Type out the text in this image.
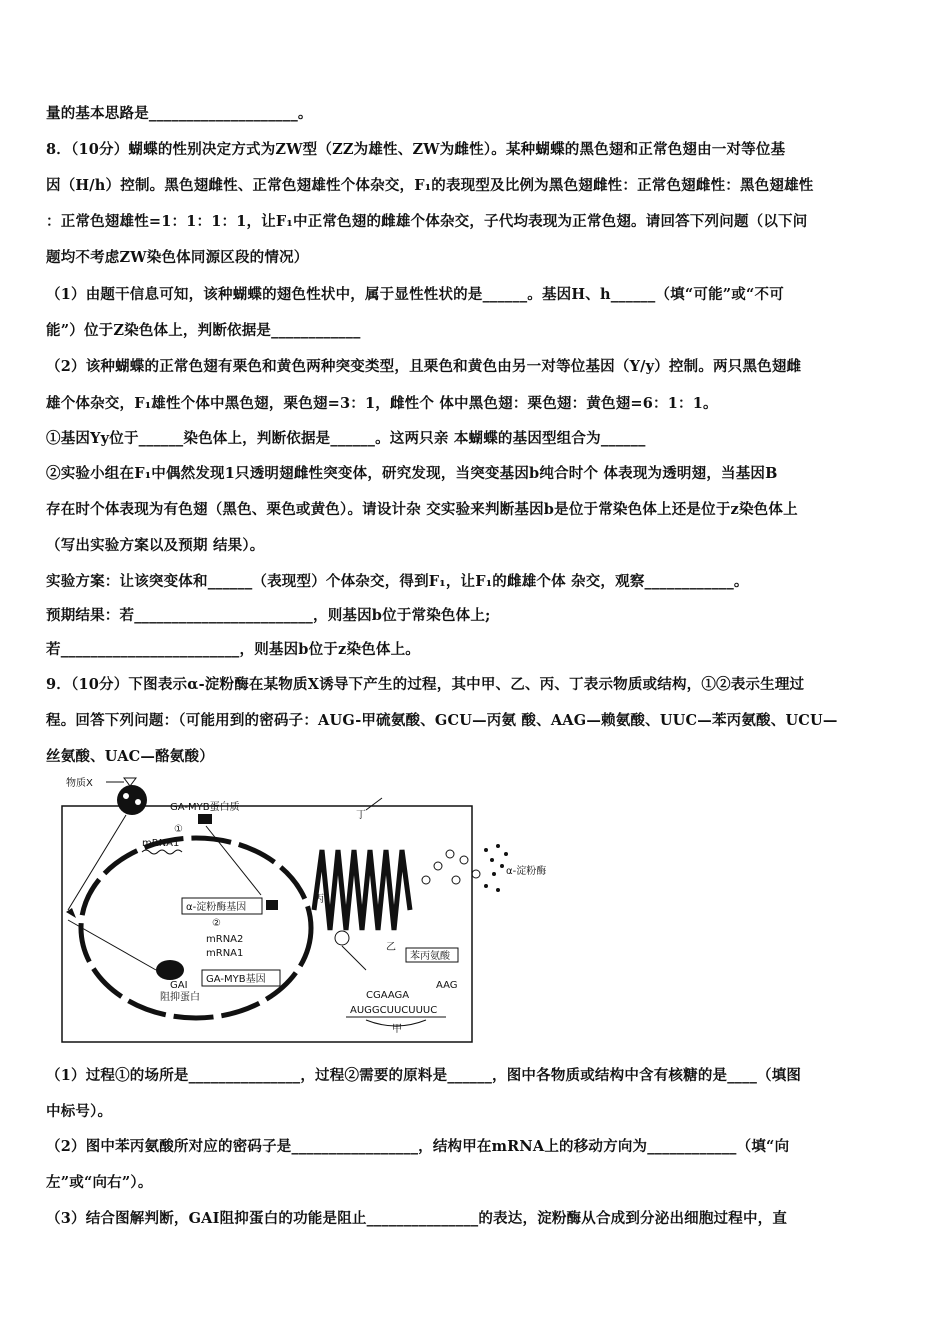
量的基本思路是____________________。
8．（10分）蝴蝶的性别决定方式为ZW型（ZZ为雄性、ZW为雌性）。某种蝴蝶的黑色翅和正常色翅由一对等位基
因（H/h）控制。黑色翅雌性、正常色翅雄性个体杂交，F₁的表现型及比例为黑色翅雌性：正常色翅雌性：黑色翅雄性
：正常色翅雄性=1：1：1：1，让F₁中正常色翅的雌雄个体杂交，子代均表现为正常色翅。请回答下列问题（以下问
题均不考虑ZW染色体同源区段的情况）
（1）由题干信息可知，该种蝴蝶的翅色性状中，属于显性性状的是______。基因H、h______（填“可能”或“不可
能”）位于Z染色体上，判断依据是____________
（2）该种蝴蝶的正常色翅有栗色和黄色两种突变类型，且栗色和黄色由另一对等位基因（Y/y）控制。两只黑色翅雌
雄个体杂交，F₁雄性个体中黑色翅，栗色翅=3：1，雌性个 体中黑色翅：栗色翅：黄色翅=6：1：1。
①基因Yy位于______染色体上，判断依据是______。这两只亲 本蝴蝶的基因型组合为______
②实验小组在F₁中偶然发现1只透明翅雌性突变体，研究发现，当突变基因b纯合时个 体表现为透明翅，当基因B
存在时个体表现为有色翅（黑色、栗色或黄色）。请设计杂 交实验来判断基因b是位于常染色体上还是位于z染色体上
（写出实验方案以及预期 结果）。
实验方案：让该突变体和______（表现型）个体杂交，得到F₁，让F₁的雌雄个体 杂交，观察____________。
预期结果：若________________________，则基因b位于常染色体上;
若________________________，则基因b位于z染色体上。
9．（10分）下图表示α-淀粉酶在某物质X诱导下产生的过程，其中甲、乙、丙、丁表示物质或结构，①②表示生理过
程。回答下列问题：（可能用到的密码子：AUG-甲硫氨酸、GCU—丙氨 酸、AAG—赖氨酸、UUC—苯丙氨酸、UCU—
丝氨酸、UAC—酪氨酸）
物质X
GA-MYB蛋白质
①
mRNA1
丁
α-淀粉酶基因
②
mRNA2
mRNA1
GA-MYB基因
GAI
阻抑蛋白
丙
乙
α-淀粉酶
苯丙氨酸
AAG
CGAAGA
AUGGCUUCUUUC
甲
（1）过程①的场所是_______________，过程②需要的原料是______，图中各物质或结构中含有核糖的是____（填图
中标号）。
（2）图中苯丙氨酸所对应的密码子是_________________，结构甲在mRNA上的移动方向为____________（填“向
左”或“向右”）。
（3）结合图解判断，GAI阻抑蛋白的功能是阻止_______________的表达，淀粉酶从合成到分泌出细胞过程中，直
